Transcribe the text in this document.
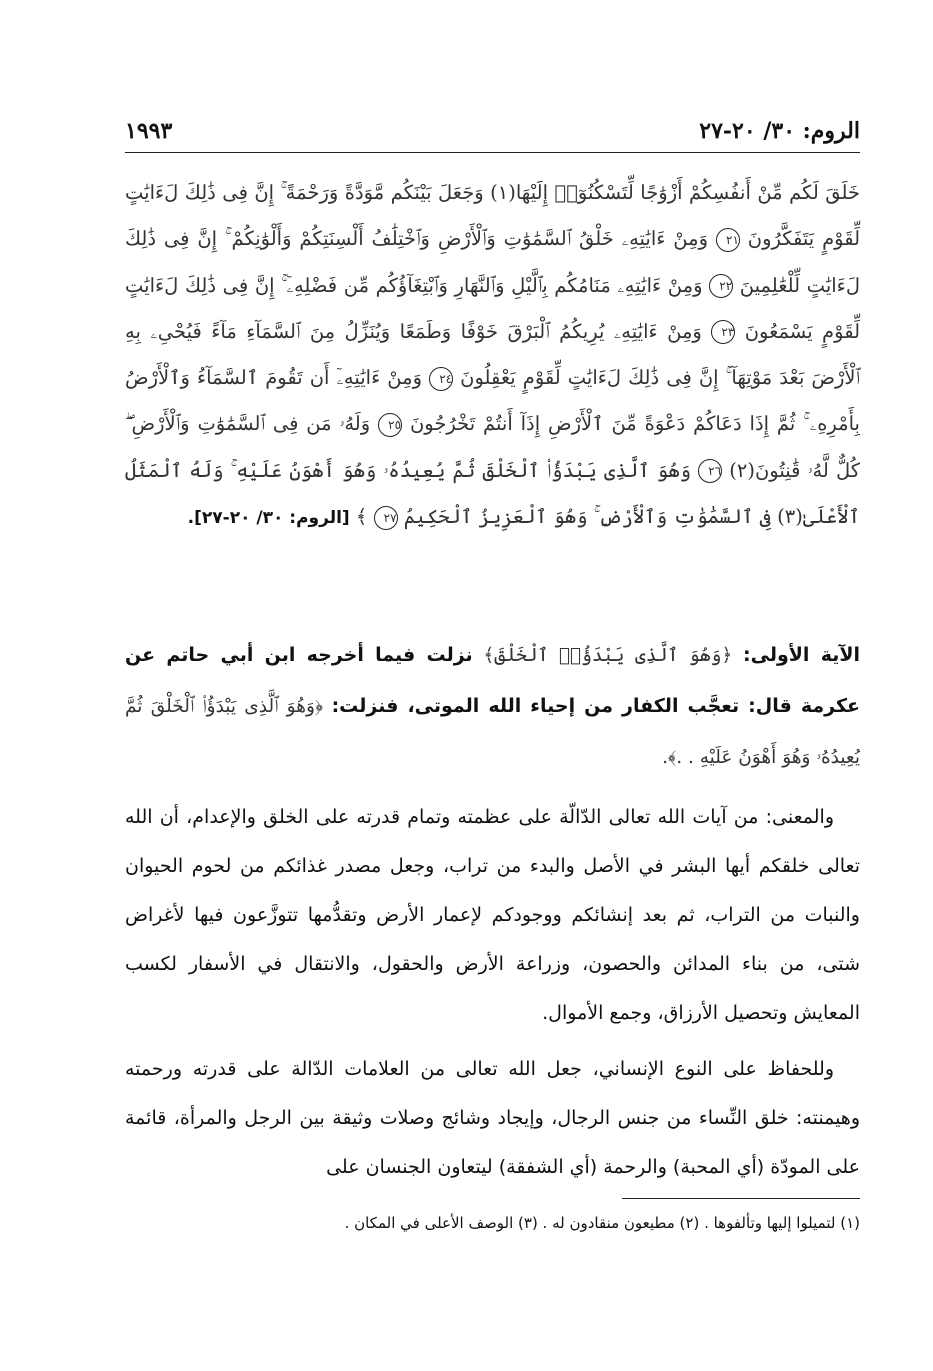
الروم: ٣٠/ ٢٠-٢٧
١٩٩٣
خَلَقَ لَكُم مِّنْ أَنفُسِكُمْ أَزْوَٰجًا لِّتَسْكُنُوٓا۟ إِلَيْهَا(١) وَجَعَلَ بَيْنَكُم مَّوَدَّةً وَرَحْمَةً ۚ إِنَّ فِى ذَٰلِكَ لَءَايَٰتٍ لِّقَوْمٍ يَتَفَكَّرُونَ ٢١ وَمِنْ ءَايَٰتِهِۦ خَلْقُ ٱلسَّمَٰوَٰتِ وَٱلْأَرْضِ وَٱخْتِلَٰفُ أَلْسِنَتِكُمْ وَأَلْوَٰنِكُمْ ۚ إِنَّ فِى ذَٰلِكَ لَءَايَٰتٍ لِّلْعَٰلِمِينَ ٢٢ وَمِنْ ءَايَٰتِهِۦ مَنَامُكُم بِٱلَّيْلِ وَٱلنَّهَارِ وَٱبْتِغَآؤُكُم مِّن فَضْلِهِۦٓ ۚ إِنَّ فِى ذَٰلِكَ لَءَايَٰتٍ لِّقَوْمٍ يَسْمَعُونَ ٢٣ وَمِنْ ءَايَٰتِهِۦ يُرِيكُمُ ٱلْبَرْقَ خَوْفًا وَطَمَعًا وَيُنَزِّلُ مِنَ ٱلسَّمَآءِ مَآءً فَيُحْىِۦ بِهِ ٱلْأَرْضَ بَعْدَ مَوْتِهَآ ۚ إِنَّ فِى ذَٰلِكَ لَءَايَٰتٍ لِّقَوْمٍ يَعْقِلُونَ ٢٤ وَمِنْ ءَايَٰتِهِۦٓ أَن تَقُومَ ٱلسَّمَآءُ وَٱلْأَرْضُ بِأَمْرِهِۦ ۚ ثُمَّ إِذَا دَعَاكُمْ دَعْوَةً مِّنَ ٱلْأَرْضِ إِذَآ أَنتُمْ تَخْرُجُونَ ٢٥ وَلَهُۥ مَن فِى ٱلسَّمَٰوَٰتِ وَٱلْأَرْضِ ۖ كُلٌّ لَّهُۥ قَٰنِتُونَ(٢) ٢٦ وَهُوَ ٱلَّذِى يَبْدَؤُا۟ ٱلْخَلْقَ ثُمَّ يُعِيدُهُۥ وَهُوَ أَهْوَنُ عَلَيْهِ ۚ وَلَهُ ٱلْمَثَلُ ٱلْأَعْلَىٰ(٣) فِى ٱلسَّمَٰوَٰتِ وَٱلْأَرْضِ ۚ وَهُوَ ٱلْعَزِيزُ ٱلْحَكِيمُ ٢٧ ﴾ [الروم: ٣٠/ ٢٠-٢٧].
الآية الأولى: ﴿وَهُوَ ٱلَّذِى يَبْدَؤُا۟ ٱلْخَلْقَ﴾ نزلت فيما أخرجه ابن أبي حاتم عن عكرمة قال: تعجَّب الكفار من إحياء الله الموتى، فنزلت: ﴿وَهُوَ ٱلَّذِى يَبْدَؤُا۟ ٱلْخَلْقَ ثُمَّ يُعِيدُهُۥ وَهُوَ أَهْوَنُ عَلَيْهِ . .﴾.
والمعنى: من آيات الله تعالى الدّالّة على عظمته وتمام قدرته على الخلق والإعدام، أن الله تعالى خلقكم أيها البشر في الأصل والبدء من تراب، وجعل مصدر غذائكم من لحوم الحيوان والنبات من التراب، ثم بعد إنشائكم ووجودكم لإعمار الأرض وتقدُّمها تتوزَّعون فيها لأغراض شتى، من بناء المدائن والحصون، وزراعة الأرض والحقول، والانتقال في الأسفار لكسب المعايش وتحصيل الأرزاق، وجمع الأموال.
وللحفاظ على النوع الإنساني، جعل الله تعالى من العلامات الدّالة على قدرته ورحمته وهيمنته: خلق النِّساء من جنس الرجال، وإيجاد وشائج وصلات وثيقة بين الرجل والمرأة، قائمة على المودّة (أي المحبة) والرحمة (أي الشفقة) ليتعاون الجنسان على
(١) لتميلوا إليها وتألفوها . (٢) مطيعون منقادون له . (٣) الوصف الأعلى في المكان .
